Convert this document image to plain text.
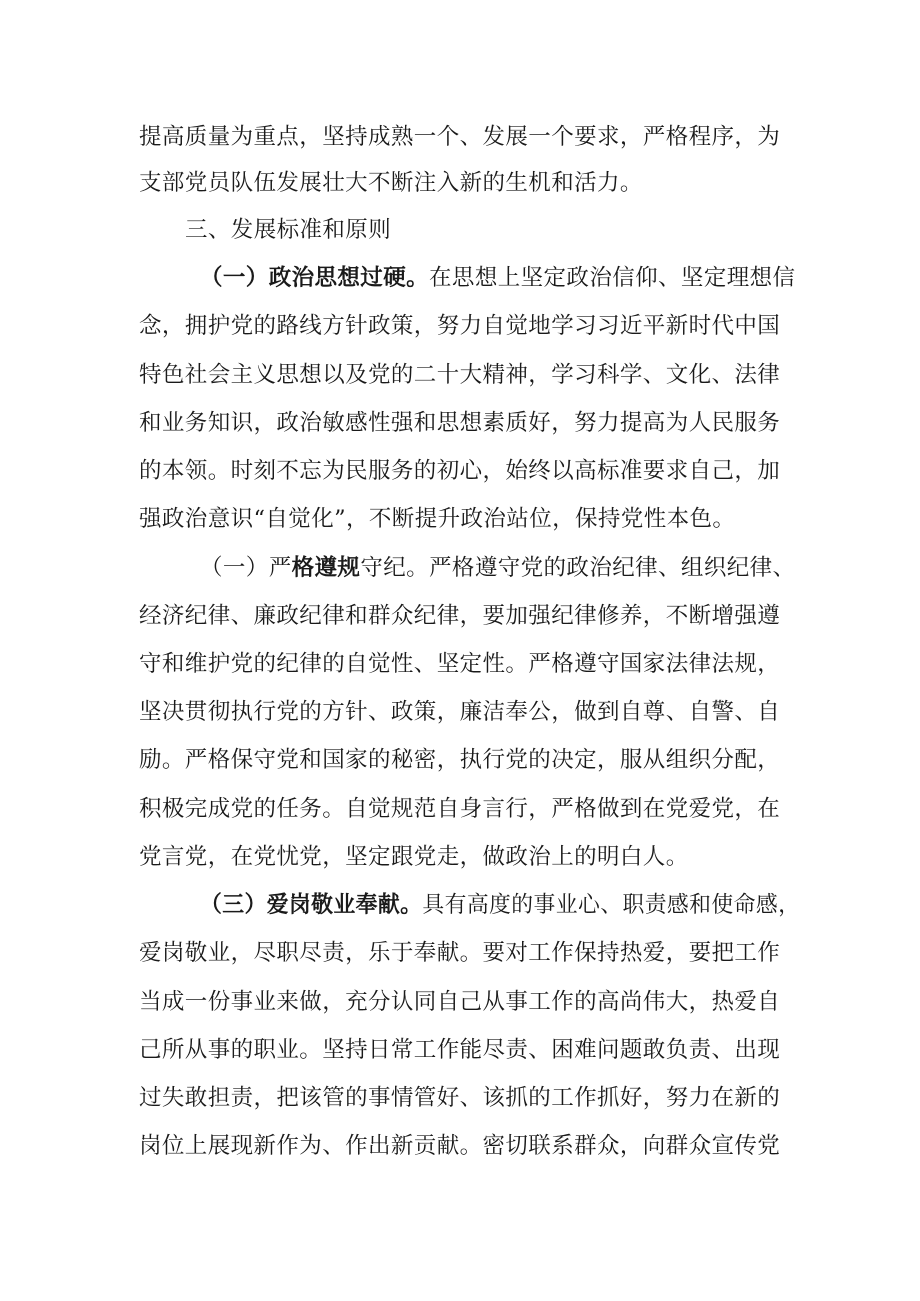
提高质量为重点，坚持成熟一个、发展一个要求，严格程序，为
支部党员队伍发展壮大不断注入新的生机和活力。
三、发展标准和原则
（一）政治思想过硬。在思想上坚定政治信仰、坚定理想信
念，拥护党的路线方针政策，努力自觉地学习习近平新时代中国
特色社会主义思想以及党的二十大精神，学习科学、文化、法律
和业务知识，政治敏感性强和思想素质好，努力提高为人民服务
的本领。时刻不忘为民服务的初心，始终以高标准要求自己，加
强政治意识“自觉化”，不断提升政治站位，保持党性本色。
（一）严格遵规守纪。严格遵守党的政治纪律、组织纪律、
经济纪律、廉政纪律和群众纪律，要加强纪律修养，不断增强遵
守和维护党的纪律的自觉性、坚定性。严格遵守国家法律法规，
坚决贯彻执行党的方针、政策，廉洁奉公，做到自尊、自警、自
励。严格保守党和国家的秘密，执行党的决定，服从组织分配，
积极完成党的任务。自觉规范自身言行，严格做到在党爱党，在
党言党，在党忧党，坚定跟党走，做政治上的明白人。
（三）爱岗敬业奉献。具有高度的事业心、职责感和使命感，
爱岗敬业，尽职尽责，乐于奉献。要对工作保持热爱，要把工作
当成一份事业来做，充分认同自己从事工作的高尚伟大，热爱自
己所从事的职业。坚持日常工作能尽责、困难问题敢负责、出现
过失敢担责，把该管的事情管好、该抓的工作抓好，努力在新的
岗位上展现新作为、作出新贡献。密切联系群众，向群众宣传党
